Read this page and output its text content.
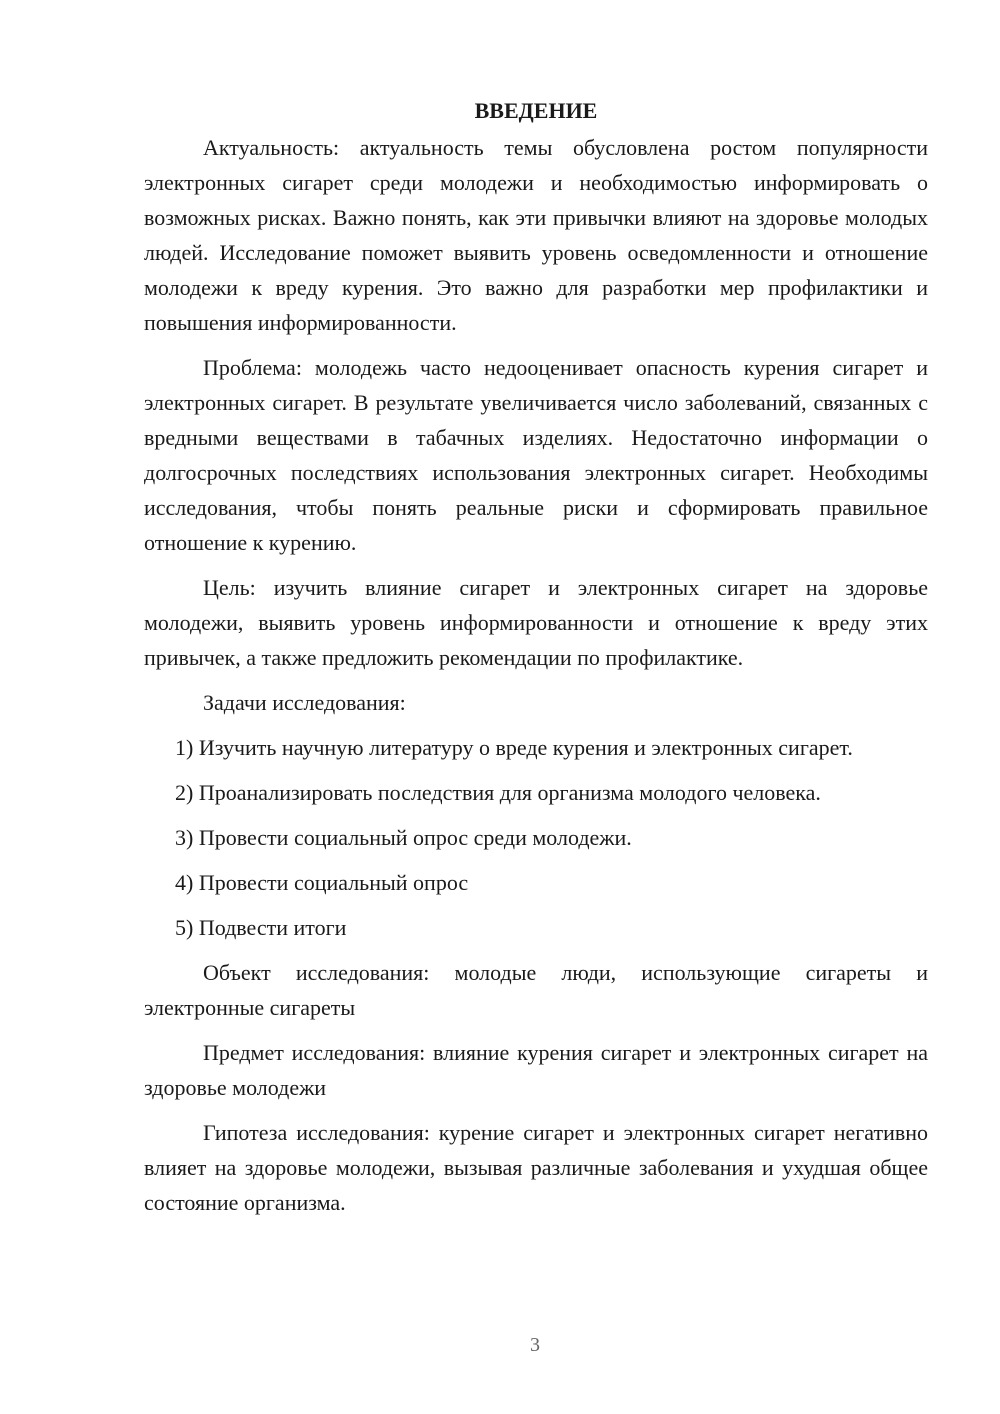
ВВЕДЕНИЕ

Актуальность: актуальность темы обусловлена ростом популярности электронных сигарет среди молодежи и необходимостью информировать о возможных рисках. Важно понять, как эти привычки влияют на здоровье молодых людей. Исследование поможет выявить уровень осведомленности и отношение молодежи к вреду курения. Это важно для разработки мер профилактики и повышения информированности.

Проблема: молодежь часто недооценивает опасность курения сигарет и электронных сигарет. В результате увеличивается число заболеваний, связанных с вредными веществами в табачных изделиях. Недостаточно информации о долгосрочных последствиях использования электронных сигарет. Необходимы исследования, чтобы понять реальные риски и сформировать правильное отношение к курению.

Цель: изучить влияние сигарет и электронных сигарет на здоровье молодежи, выявить уровень информированности и отношение к вреду этих привычек, а также предложить рекомендации по профилактике.

Задачи исследования:

1) Изучить научную литературу о вреде курения и электронных сигарет.

2) Проанализировать последствия для организма молодого человека.

3) Провести социальный опрос среди молодежи.

4) Провести социальный опрос

5) Подвести итоги

Объект исследования: молодые люди, использующие сигареты и электронные сигареты

Предмет исследования: влияние курения сигарет и электронных сигарет на здоровье молодежи

Гипотеза исследования: курение сигарет и электронных сигарет негативно влияет на здоровье молодежи, вызывая различные заболевания и ухудшая общее состояние организма.

3
